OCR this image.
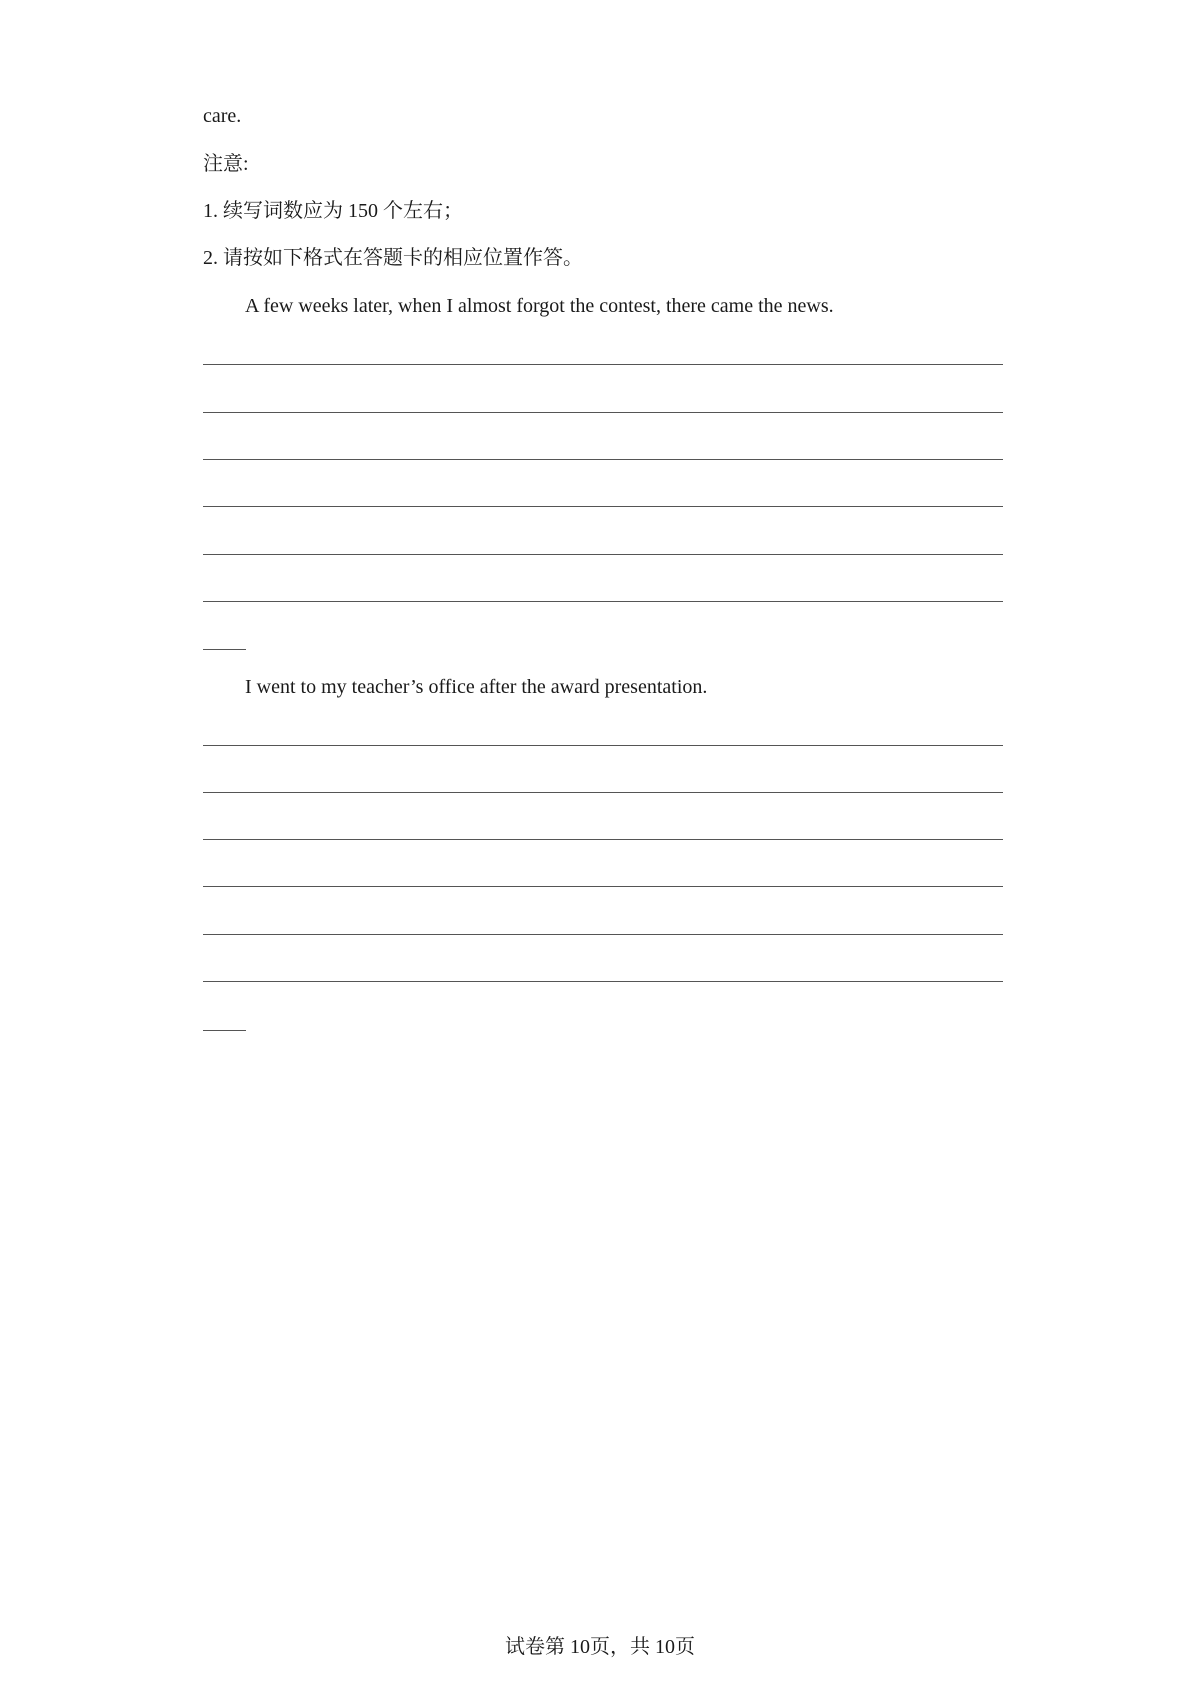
care.
注意:
1. 续写词数应为 150 个左右；
2. 请按如下格式在答题卡的相应位置作答。
A few weeks later, when I almost forgot the contest, there came the news.
I went to my teacher’s office after the award presentation.
试卷第 10页，共 10页
